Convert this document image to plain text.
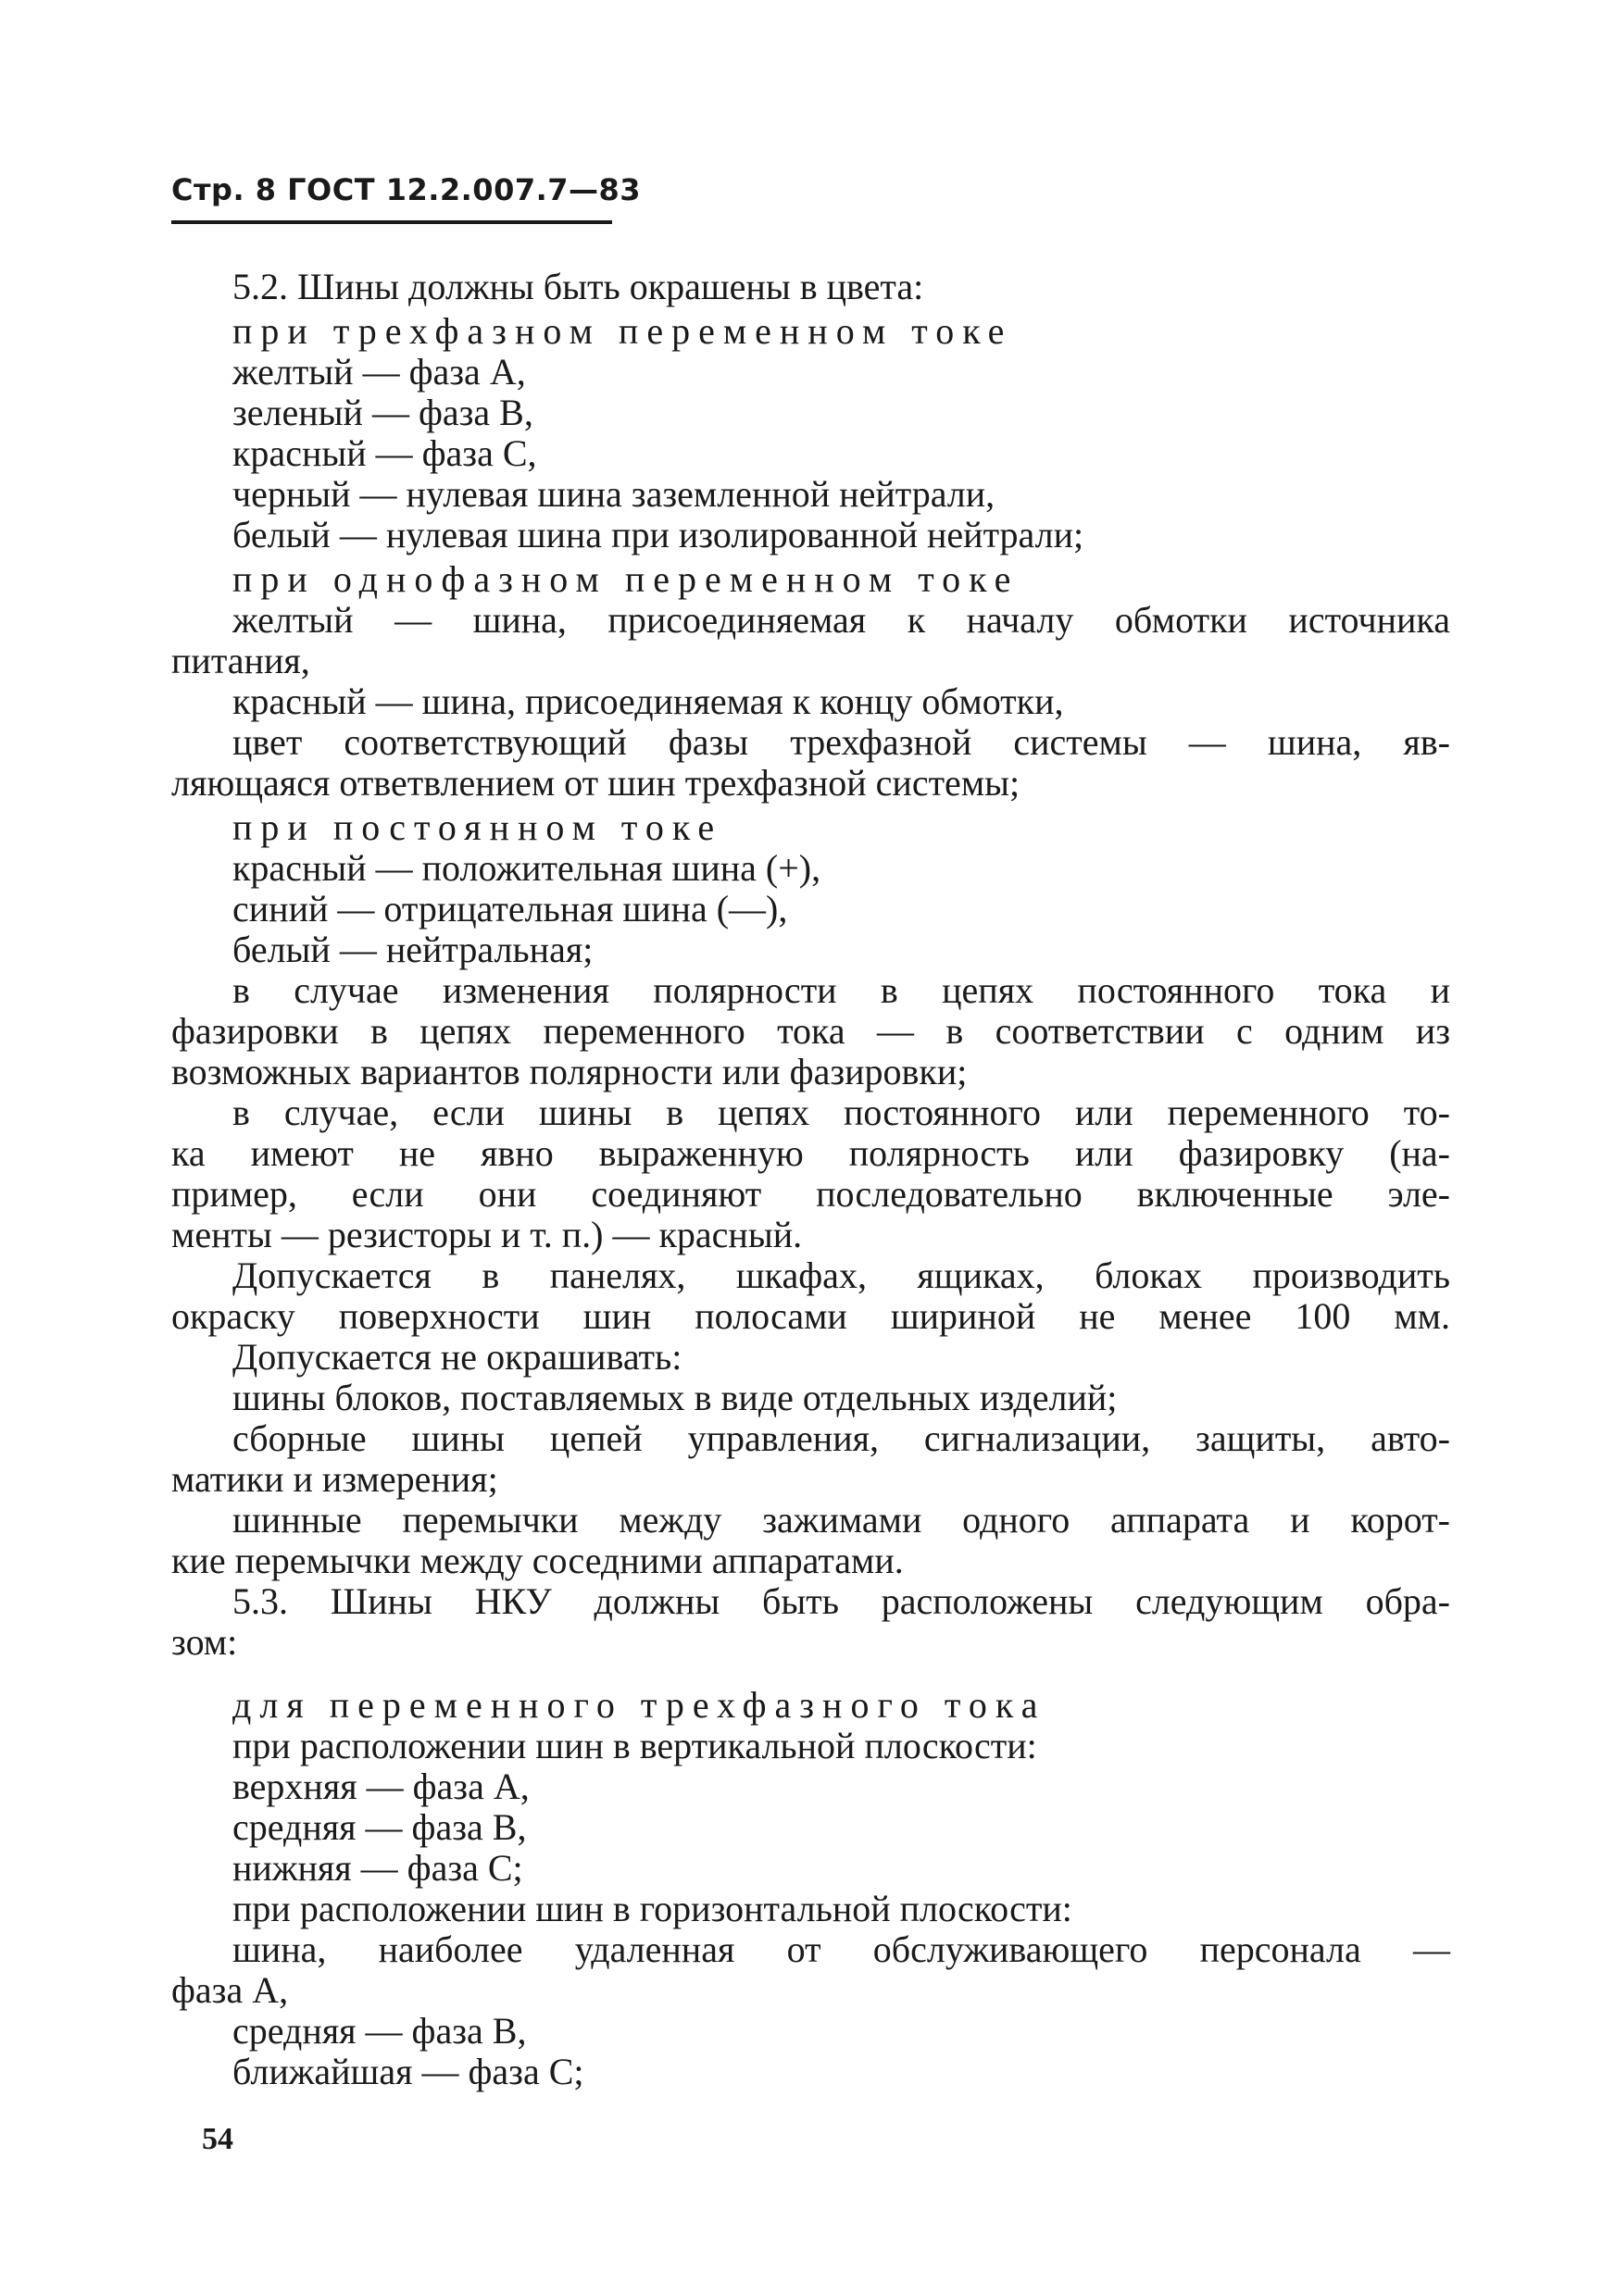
Стр. 8 ГОСТ 12.2.007.7—83

5.2. Шины должны быть окрашены в цвета:

при трехфазном переменном токе

желтый — фаза А,

зеленый — фаза В,

красный — фаза С,

черный — нулевая шина заземленной нейтрали,

белый — нулевая шина при изолированной нейтрали;

при однофазном переменном токе

желтый — шина, присоединяемая к началу обмотки источника

питания,

красный — шина, присоединяемая к концу обмотки,

цвет соответствующий фазы трехфазной системы — шина, яв-

ляющаяся ответвлением от шин трехфазной системы;

при постоянном токе

красный — положительная шина (+),

синий — отрицательная шина (—),

белый — нейтральная;

в случае изменения полярности в цепях постоянного тока и

фазировки в цепях переменного тока — в соответствии с одним из

возможных вариантов полярности или фазировки;

в случае, если шины в цепях постоянного или переменного то-

ка имеют не явно выраженную полярность или фазировку (на-

пример, если они соединяют последовательно включенные эле-

менты — резисторы и т. п.) — красный.

Допускается в панелях, шкафах, ящиках, блоках производить

окраску поверхности шин полосами шириной не менее 100 мм.

Допускается не окрашивать:

шины блоков, поставляемых в виде отдельных изделий;

сборные шины цепей управления, сигнализации, защиты, авто-

матики и измерения;

шинные перемычки между зажимами одного аппарата и корот-

кие перемычки между соседними аппаратами.

5.3. Шины НКУ должны быть расположены следующим обра-

зом:

для переменного трехфазного тока

при расположении шин в вертикальной плоскости:

верхняя — фаза А,

средняя — фаза В,

нижняя — фаза С;

при расположении шин в горизонтальной плоскости:

шина, наиболее удаленная от обслуживающего персонала —

фаза А,

средняя — фаза В,

ближайшая — фаза С;

54
